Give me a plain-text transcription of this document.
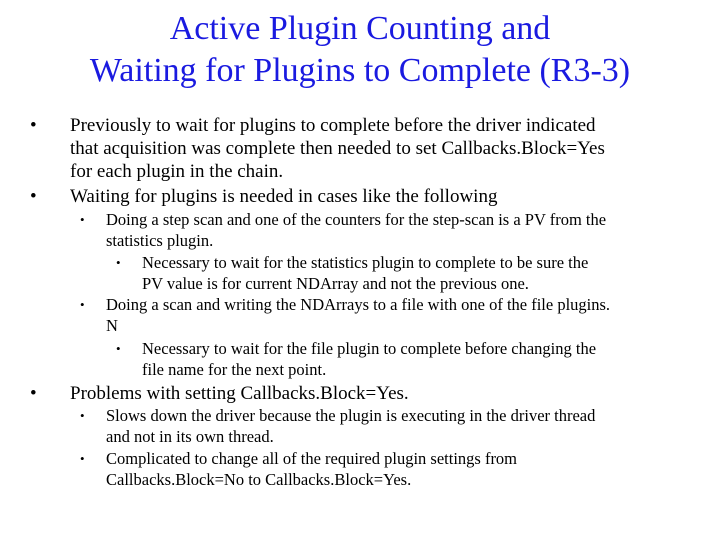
Active Plugin Counting and
Waiting for Plugins to Complete (R3-3)
• Previously to wait for plugins to complete before the driver indicated
that acquisition was complete then needed to set Callbacks.Block=Yes
for each plugin in the chain.
• Waiting for plugins is needed in cases like the following
• Doing a step scan and one of the counters for the step-scan is a PV from the
statistics plugin.
• Necessary to wait for the statistics plugin to complete to be sure the
PV value is for current NDArray and not the previous one.
• Doing a scan and writing the NDArrays to a file with one of the file plugins.
N
• Necessary to wait for the file plugin to complete before changing the
file name for the next point.
• Problems with setting Callbacks.Block=Yes.
• Slows down the driver because the plugin is executing in the driver thread
and not in its own thread.
• Complicated to change all of the required plugin settings from
Callbacks.Block=No to Callbacks.Block=Yes.
